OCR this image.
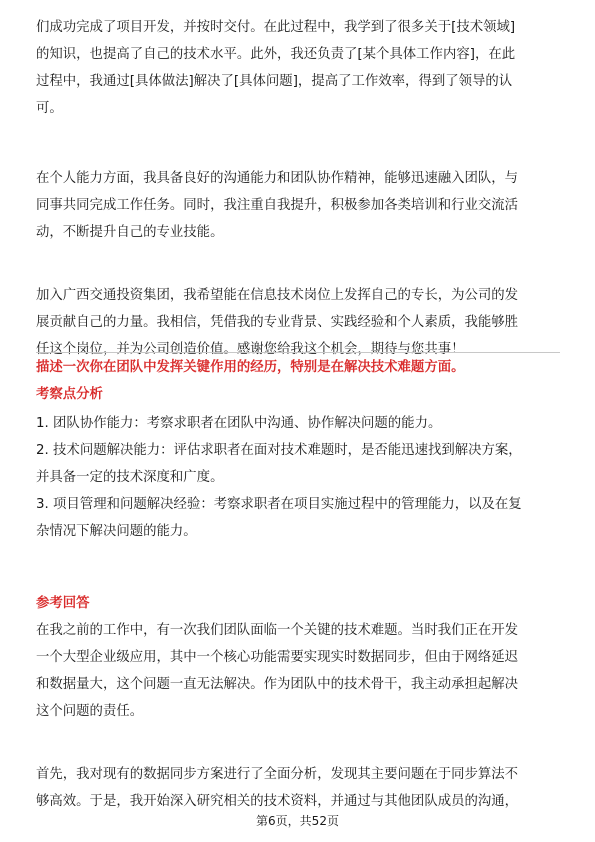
们成功完成了项目开发，并按时交付。在此过程中，我学到了很多关于[技术领域]
的知识，也提高了自己的技术水平。此外，我还负责了[某个具体工作内容]，在此
过程中，我通过[具体做法]解决了[具体问题]，提高了工作效率，得到了领导的认
可。
在个人能力方面，我具备良好的沟通能力和团队协作精神，能够迅速融入团队，与
同事共同完成工作任务。同时，我注重自我提升，积极参加各类培训和行业交流活
动，不断提升自己的专业技能。
加入广西交通投资集团，我希望能在信息技术岗位上发挥自己的专长，为公司的发
展贡献自己的力量。我相信，凭借我的专业背景、实践经验和个人素质，我能够胜
任这个岗位，并为公司创造价值。感谢您给我这个机会，期待与您共事！
描述一次你在团队中发挥关键作用的经历，特别是在解决技术难题方面。
考察点分析
1. 团队协作能力：考察求职者在团队中沟通、协作解决问题的能力。
2. 技术问题解决能力：评估求职者在面对技术难题时，是否能迅速找到解决方案，
并具备一定的技术深度和广度。
3. 项目管理和问题解决经验：考察求职者在项目实施过程中的管理能力，以及在复
杂情况下解决问题的能力。
参考回答
在我之前的工作中，有一次我们团队面临一个关键的技术难题。当时我们正在开发
一个大型企业级应用，其中一个核心功能需要实现实时数据同步，但由于网络延迟
和数据量大，这个问题一直无法解决。作为团队中的技术骨干，我主动承担起解决
这个问题的责任。
首先，我对现有的数据同步方案进行了全面分析，发现其主要问题在于同步算法不
够高效。于是，我开始深入研究相关的技术资料，并通过与其他团队成员的沟通，
第6页，共52页
